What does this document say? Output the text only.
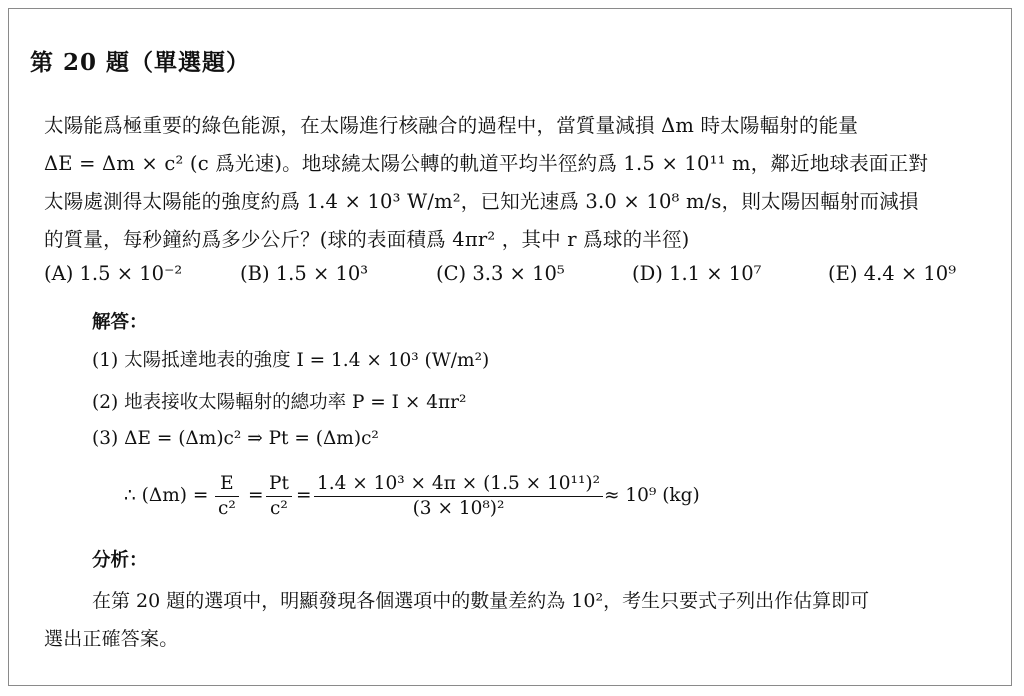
第 20 題（單選題）
太陽能爲極重要的綠色能源，在太陽進行核融合的過程中，當質量減損 Δm 時太陽輻射的能量
ΔE = Δm × c² (c 爲光速)。地球繞太陽公轉的軌道平均半徑約爲 1.5 × 10¹¹ m，鄰近地球表面正對
太陽處測得太陽能的強度約爲 1.4 × 10³ W/m²，已知光速爲 3.0 × 10⁸ m/s，則太陽因輻射而減損
的質量，每秒鐘約爲多少公斤？(球的表面積爲 4πr² ，其中 r 爲球的半徑)
(A) 1.5 × 10⁻²	(B) 1.5 × 10³	(C) 3.3 × 10⁵	(D) 1.1 × 10⁷	(E) 4.4 × 10⁹
解答：
(1) 太陽抵達地表的強度 I = 1.4 × 10³ (W/m²)
(2) 地表接收太陽輻射的總功率 P = I × 4πr²
(3) ΔE = (Δm)c² ⇒ Pt = (Δm)c²
∴ $(\Delta m) = \frac{E}{\text{c²}} = \frac{Pt}{\text{c²}} = \frac{\text{1.4 × 10³ × 4π × (1.5 × 10¹¹)²}}{\text{(3 × 10⁸)²}} \approx 10^9$ (kg)
分析：
在第 20 題的選項中，明顯發現各個選項中的數量差約為 10²，考生只要式子列出作估算即可
選出正確答案。
